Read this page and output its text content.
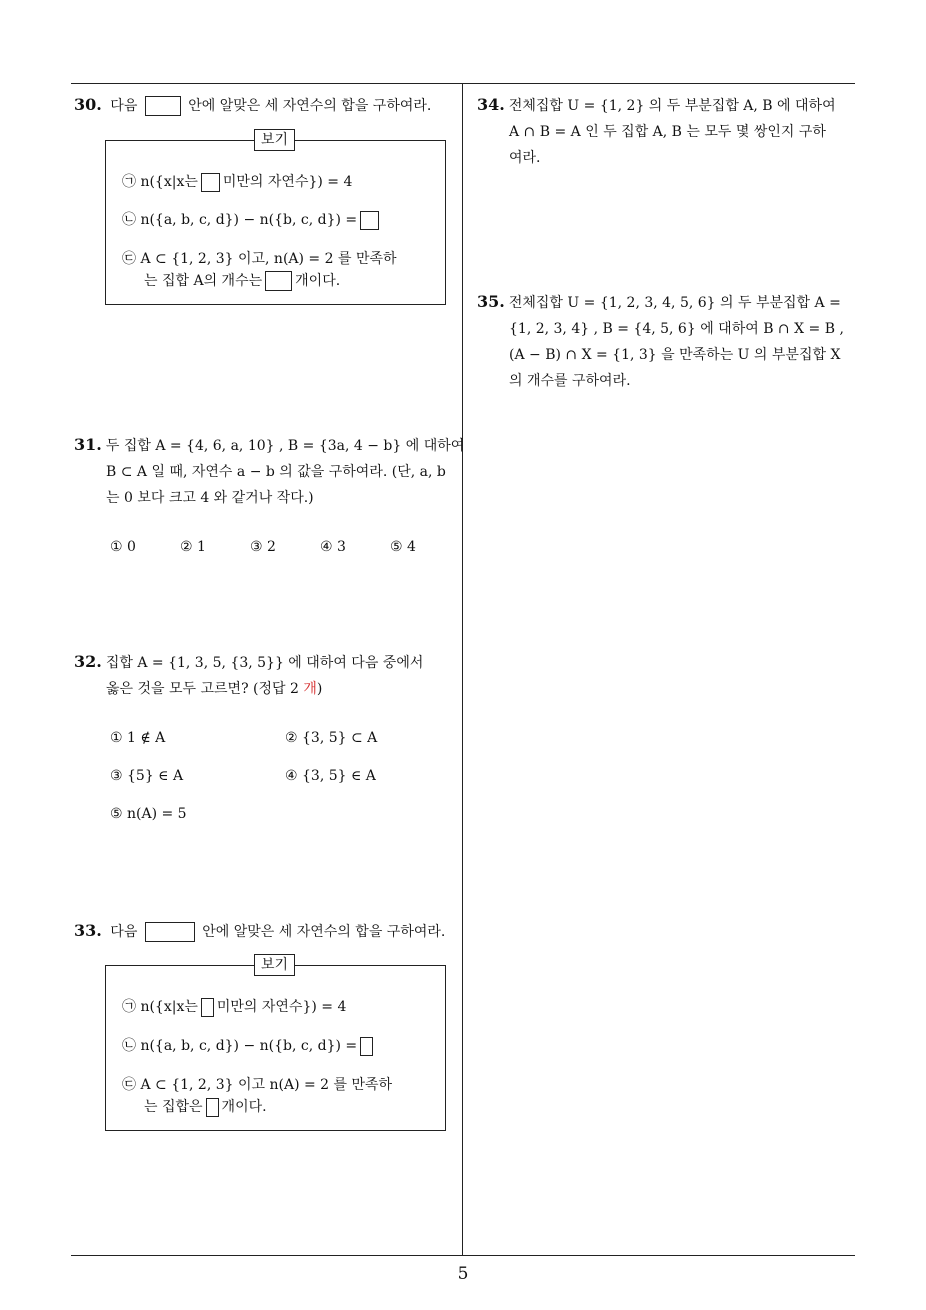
5
30. 다음	안에 알맞은 세 자연수의 합을 구하여라.
보기
㉠ n({x|x는 미만의 자연수}) = 4
㉡ n({a, b, c, d}) − n({b, c, d}) =
㉢ A ⊂ {1, 2, 3} 이고, n(A) = 2 를 만족하
는 집합 A의 개수는 개이다.
31. 두 집합 A = {4, 6, a, 10} , B = {3a, 4 − b} 에 대하여
B ⊂ A 일 때, 자연수 a − b 의 값을 구하여라. (단, a, b
는 0 보다 크고 4 와 같거나 작다.)
① 0	② 1	③ 2	④ 3	⑤ 4
32. 집합 A = {1, 3, 5, {3, 5}} 에 대하여 다음 중에서
옳은 것을 모두 고르면? (정답 2 개)
① 1 ∉ A	② {3, 5} ⊂ A
③ {5} ∈ A	④ {3, 5} ∈ A
⑤ n(A) = 5
33. 다음	안에 알맞은 세 자연수의 합을 구하여라.
보기
㉠ n({x|x는 미만의 자연수}) = 4
㉡ n({a, b, c, d}) − n({b, c, d}) =
㉢ A ⊂ {1, 2, 3} 이고 n(A) = 2 를 만족하
는 집합은 개이다.
34. 전체집합 U = {1, 2} 의 두 부분집합 A, B 에 대하여
A ∩ B = A 인 두 집합 A, B 는 모두 몇 쌍인지 구하
여라.
35. 전체집합 U = {1, 2, 3, 4, 5, 6} 의 두 부분집합 A =
{1, 2, 3, 4} , B = {4, 5, 6} 에 대하여 B ∩ X = B ,
(A − B) ∩ X = {1, 3} 을 만족하는 U 의 부분집합 X
의 개수를 구하여라.
